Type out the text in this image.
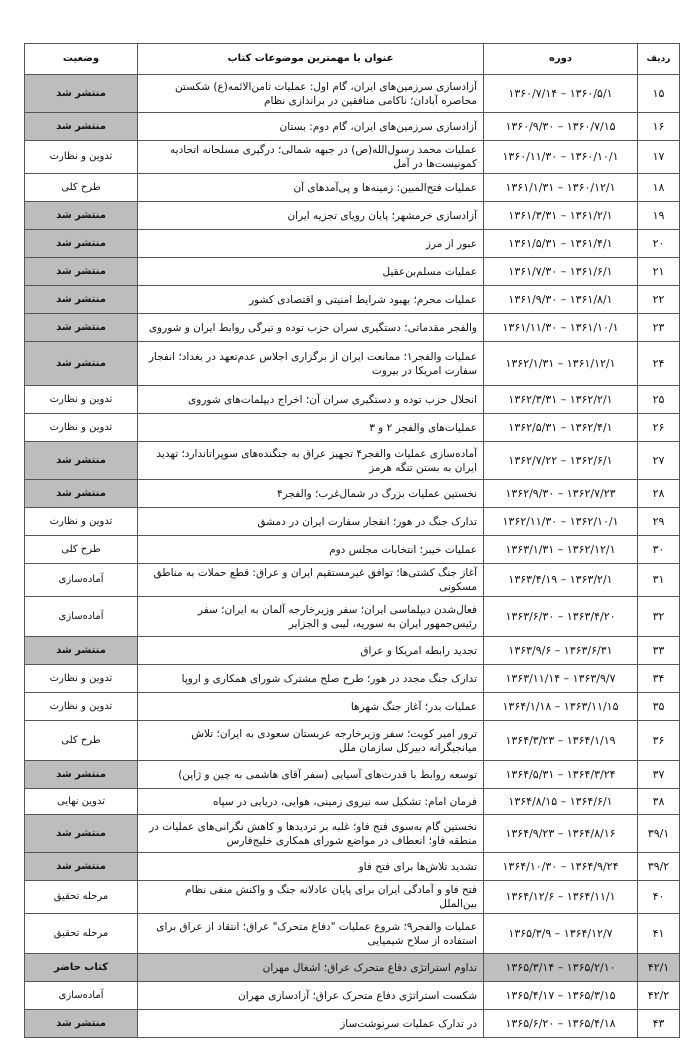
ردیف	دوره	عنوان یا مهمترین موضوعات کتاب	وضعیت
۱۵	۱۳۶۰/۵/۱ – ۱۳۶۰/۷/۱۴	آزادسازی سرزمین‌های ایران، گام اول: عملیات ثامن‌الائمه(ع) شکستن محاصره آبادان؛ ناکامی منافقین در براندازی نظام	منتشر شد
۱۶	۱۳۶۰/۷/۱۵ – ۱۳۶۰/۹/۳۰	آزادسازی سرزمین‌های ایران، گام دوم: بستان	منتشر شد
۱۷	۱۳۶۰/۱۰/۱ – ۱۳۶۰/۱۱/۳۰	عملیات محمد رسول‌الله(ص) در جبهه شمالی؛ درگیری مسلحانه اتحادیه کمونیست‌ها در آمل	تدوین و نظارت
۱۸	۱۳۶۰/۱۲/۱ – ۱۳۶۱/۱/۳۱	عملیات فتح‌المبین: زمینه‌ها و پی‌آمدهای آن	طرح کلی
۱۹	۱۳۶۱/۲/۱ – ۱۳۶۱/۳/۳۱	آزادسازی خرمشهر؛ پایان رویای تجزیه ایران	منتشر شد
۲۰	۱۳۶۱/۴/۱ – ۱۳۶۱/۵/۳۱	عبور از مرز	منتشر شد
۲۱	۱۳۶۱/۶/۱ – ۱۳۶۱/۷/۳۰	عملیات مسلم‌بن‌عقیل	منتشر شد
۲۲	۱۳۶۱/۸/۱ – ۱۳۶۱/۹/۳۰	عملیات محرم؛ بهبود شرایط امنیتی و اقتصادی کشور	منتشر شد
۲۳	۱۳۶۱/۱۰/۱ – ۱۳۶۱/۱۱/۳۰	والفجر مقدماتی؛ دستگیری سران حزب توده و تیرگی روابط ایران و شوروی	منتشر شد
۲۴	۱۳۶۱/۱۲/۱ – ۱۳۶۲/۱/۳۱	عملیات والفجر۱؛ ممانعت ایران از برگزاری اجلاس عدم‌تعهد در بغداد؛ انفجار سفارت امریکا در بیروت	منتشر شد
۲۵	۱۳۶۲/۲/۱ – ۱۳۶۲/۳/۳۱	انحلال حزب توده و دستگیری سران آن؛ اخراج دیپلمات‌های شوروی	تدوین و نظارت
۲۶	۱۳۶۲/۴/۱ – ۱۳۶۲/۵/۳۱	عملیات‌های والفجر ۲ و ۳	تدوین و نظارت
۲۷	۱۳۶۲/۶/۱ – ۱۳۶۲/۷/۲۲	آماده‌سازی عملیات والفجر۴ تجهیز عراق به جنگنده‌های سوپراتاندارد؛ تهدید ایران به بستن تنگه هرمز	منتشر شد
۲۸	۱۳۶۲/۷/۲۳ – ۱۳۶۲/۹/۳۰	نخستین عملیات بزرگ در شمال‌غرب؛ والفجر۴	منتشر شد
۲۹	۱۳۶۲/۱۰/۱ – ۱۳۶۲/۱۱/۳۰	تدارک جنگ در هور؛ انفجار سفارت ایران در دمشق	تدوین و نظارت
۳۰	۱۳۶۲/۱۲/۱ – ۱۳۶۳/۱/۳۱	عملیات خیبر؛ انتخابات مجلس دوم	طرح کلی
۳۱	۱۳۶۳/۲/۱ – ۱۳۶۳/۴/۱۹	آغاز جنگ کشتی‌ها؛ توافق غیرمستقیم ایران و عراق: قطع حملات به مناطق مسکونی	آماده‌سازی
۳۲	۱۳۶۳/۴/۲۰ – ۱۳۶۳/۶/۳۰	فعال‌شدن دیپلماسی ایران؛ سفر وزیرخارجه آلمان به ایران؛ سفر رئیس‌جمهور ایران به سوریه، لیبی و الجزایر	آماده‌سازی
۳۳	۱۳۶۳/۶/۳۱ – ۱۳۶۳/۹/۶	تجدید رابطه امریکا و عراق	منتشر شد
۳۴	۱۳۶۳/۹/۷ – ۱۳۶۳/۱۱/۱۴	تدارک جنگ مجدد در هور؛ طرح صلح مشترک شورای همکاری و اروپا	تدوین و نظارت
۳۵	۱۳۶۳/۱۱/۱۵ – ۱۳۶۴/۱/۱۸	عملیات بدر؛ آغاز جنگ شهرها	تدوین و نظارت
۳۶	۱۳۶۴/۱/۱۹ – ۱۳۶۴/۳/۲۳	ترور امیر کویت؛ سفر وزیرخارجه عربستان سعودی به ایران؛ تلاش میانجیگرانه دبیرکل سازمان ملل	طرح کلی
۳۷	۱۳۶۴/۳/۲۴ – ۱۳۶۴/۵/۳۱	توسعه روابط با قدرت‌های آسیایی (سفر آقای هاشمی به چین و ژاپن)	منتشر شد
۳۸	۱۳۶۴/۶/۱ – ۱۳۶۴/۸/۱۵	فرمان امام: تشکیل سه نیروی زمینی، هوایی، دریایی در سپاه	تدوین نهایی
۳۹/۱	۱۳۶۴/۸/۱۶ – ۱۳۶۴/۹/۲۳	نخستین گام به‌سوی فتح فاو؛ غلبه بر تردیدها و کاهش نگرانی‌های عملیات در منطقه فاو؛ انعطاف در مواضع شورای همکاری خلیج‌فارس	منتشر شد
۳۹/۲	۱۳۶۴/۹/۲۴ – ۱۳۶۴/۱۰/۳۰	تشدید تلاش‌ها برای فتح فاو	منتشر شد
۴۰	۱۳۶۴/۱۱/۱ – ۱۳۶۴/۱۲/۶	فتح فاو و آمادگی ایران برای پایان عادلانه جنگ و واکنش منفی نظام بین‌الملل	مرحله تحقیق
۴۱	۱۳۶۴/۱۲/۷ – ۱۳۶۵/۳/۹	عملیات والفجر۹؛ شروع عملیات "دفاع متحرک" عراق؛ انتقاد از عراق برای استفاده از سلاح شیمیایی	مرحله تحقیق
۴۲/۱	۱۳۶۵/۲/۱۰ – ۱۳۶۵/۳/۱۴	تداوم استراتژی دفاع متحرک عراق؛ اشغال مهران	کتاب حاضر
۴۲/۲	۱۳۶۵/۳/۱۵ – ۱۳۶۵/۴/۱۷	شکست استراتژی دفاع متحرک عراق؛ آزادسازی مهران	آماده‌سازی
۴۳	۱۳۶۵/۴/۱۸ – ۱۳۶۵/۶/۲۰	در تدارک عملیات سرنوشت‌ساز	منتشر شد
